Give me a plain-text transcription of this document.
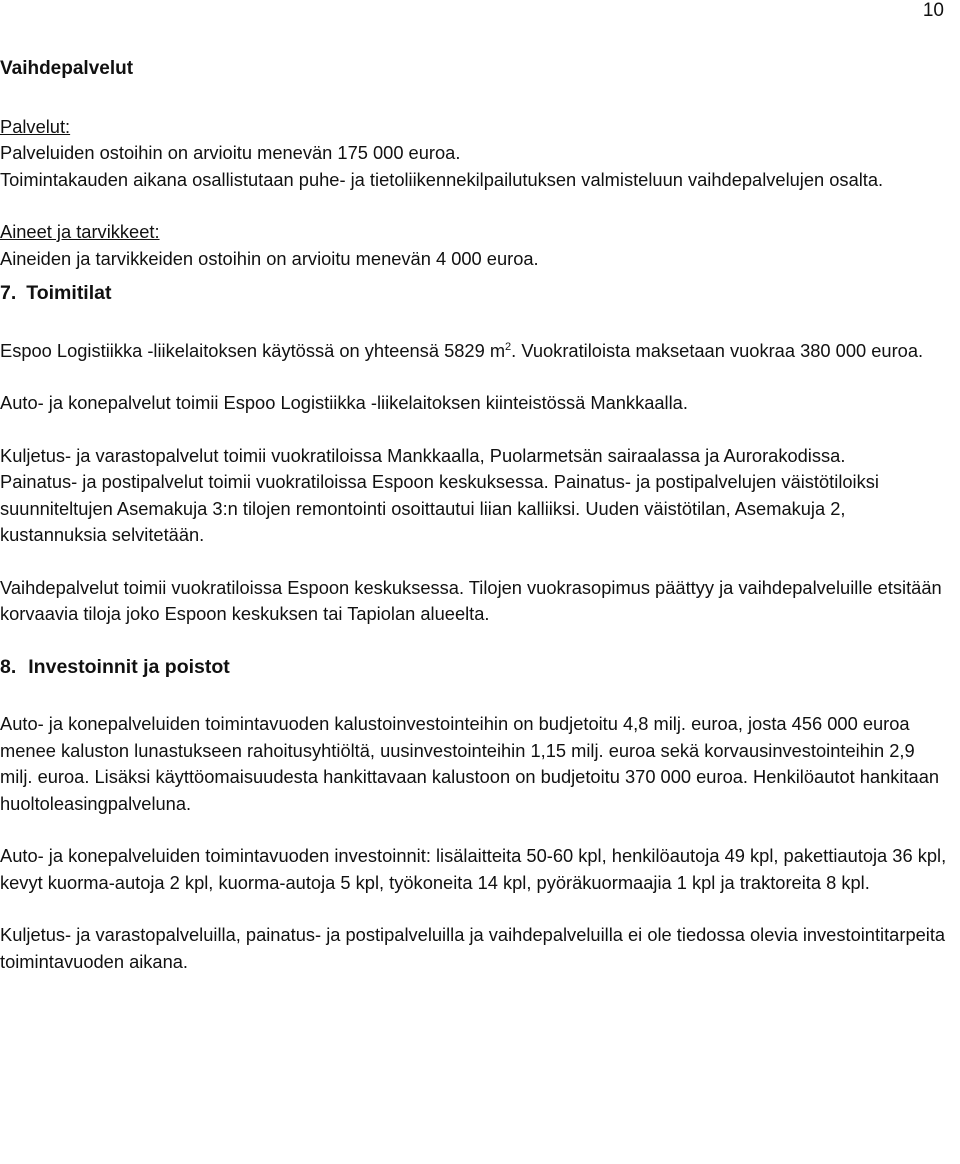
10

Vaihdepalvelut

Palvelut:

Palveluiden ostoihin on arvioitu menevän 175 000 euroa.

Toimintakauden aikana osallistutaan puhe- ja tietoliikennekilpailutuksen valmisteluun vaihdepalvelujen osalta.

Aineet ja tarvikkeet:

Aineiden ja tarvikkeiden ostoihin on arvioitu menevän 4 000 euroa.

7. Toimitilat

Espoo Logistiikka -liikelaitoksen käytössä on yhteensä 5829 $m^2$. Vuokratiloista maksetaan vuokraa 380 000 euroa.

Auto- ja konepalvelut toimii Espoo Logistiikka -liikelaitoksen kiinteistössä Mankkaalla.

Kuljetus- ja varastopalvelut toimii vuokratiloissa Mankkaalla, Puolarmetsän sairaalassa ja Aurorakodissa.

Painatus- ja postipalvelut toimii vuokratiloissa Espoon keskuksessa. Painatus- ja postipalvelujen väistötiloiksi suunniteltujen Asemakuja 3:n tilojen remontointi osoittautui liian kalliiksi. Uuden väistötilan, Asemakuja 2, kustannuksia selvitetään.

Vaihdepalvelut toimii vuokratiloissa Espoon keskuksessa. Tilojen vuokrasopimus päättyy ja vaihdepalveluille etsitään korvaavia tiloja joko Espoon keskuksen tai Tapiolan alueelta.

8. Investoinnit ja poistot

Auto- ja konepalveluiden toimintavuoden kalustoinvestointeihin on budjetoitu 4,8 milj. euroa, josta 456 000 euroa menee kaluston lunastukseen rahoitusyhtiöltä, uusinvestointeihin 1,15 milj. euroa sekä korvausinvestointeihin 2,9 milj. euroa. Lisäksi käyttöomaisuudesta hankittavaan kalustoon on budjetoitu 370 000 euroa. Henkilöautot hankitaan huoltoleasingpalveluna.

Auto- ja konepalveluiden toimintavuoden investoinnit: lisälaitteita 50-60 kpl, henkilöautoja 49 kpl, pakettiautoja 36 kpl, kevyt kuorma-autoja 2 kpl, kuorma-autoja 5 kpl, työkoneita 14 kpl, pyöräkuormaajia 1 kpl ja traktoreita 8 kpl.

Kuljetus- ja varastopalveluilla, painatus- ja postipalveluilla ja vaihdepalveluilla ei ole tiedossa olevia investointitarpeita toimintavuoden aikana.
